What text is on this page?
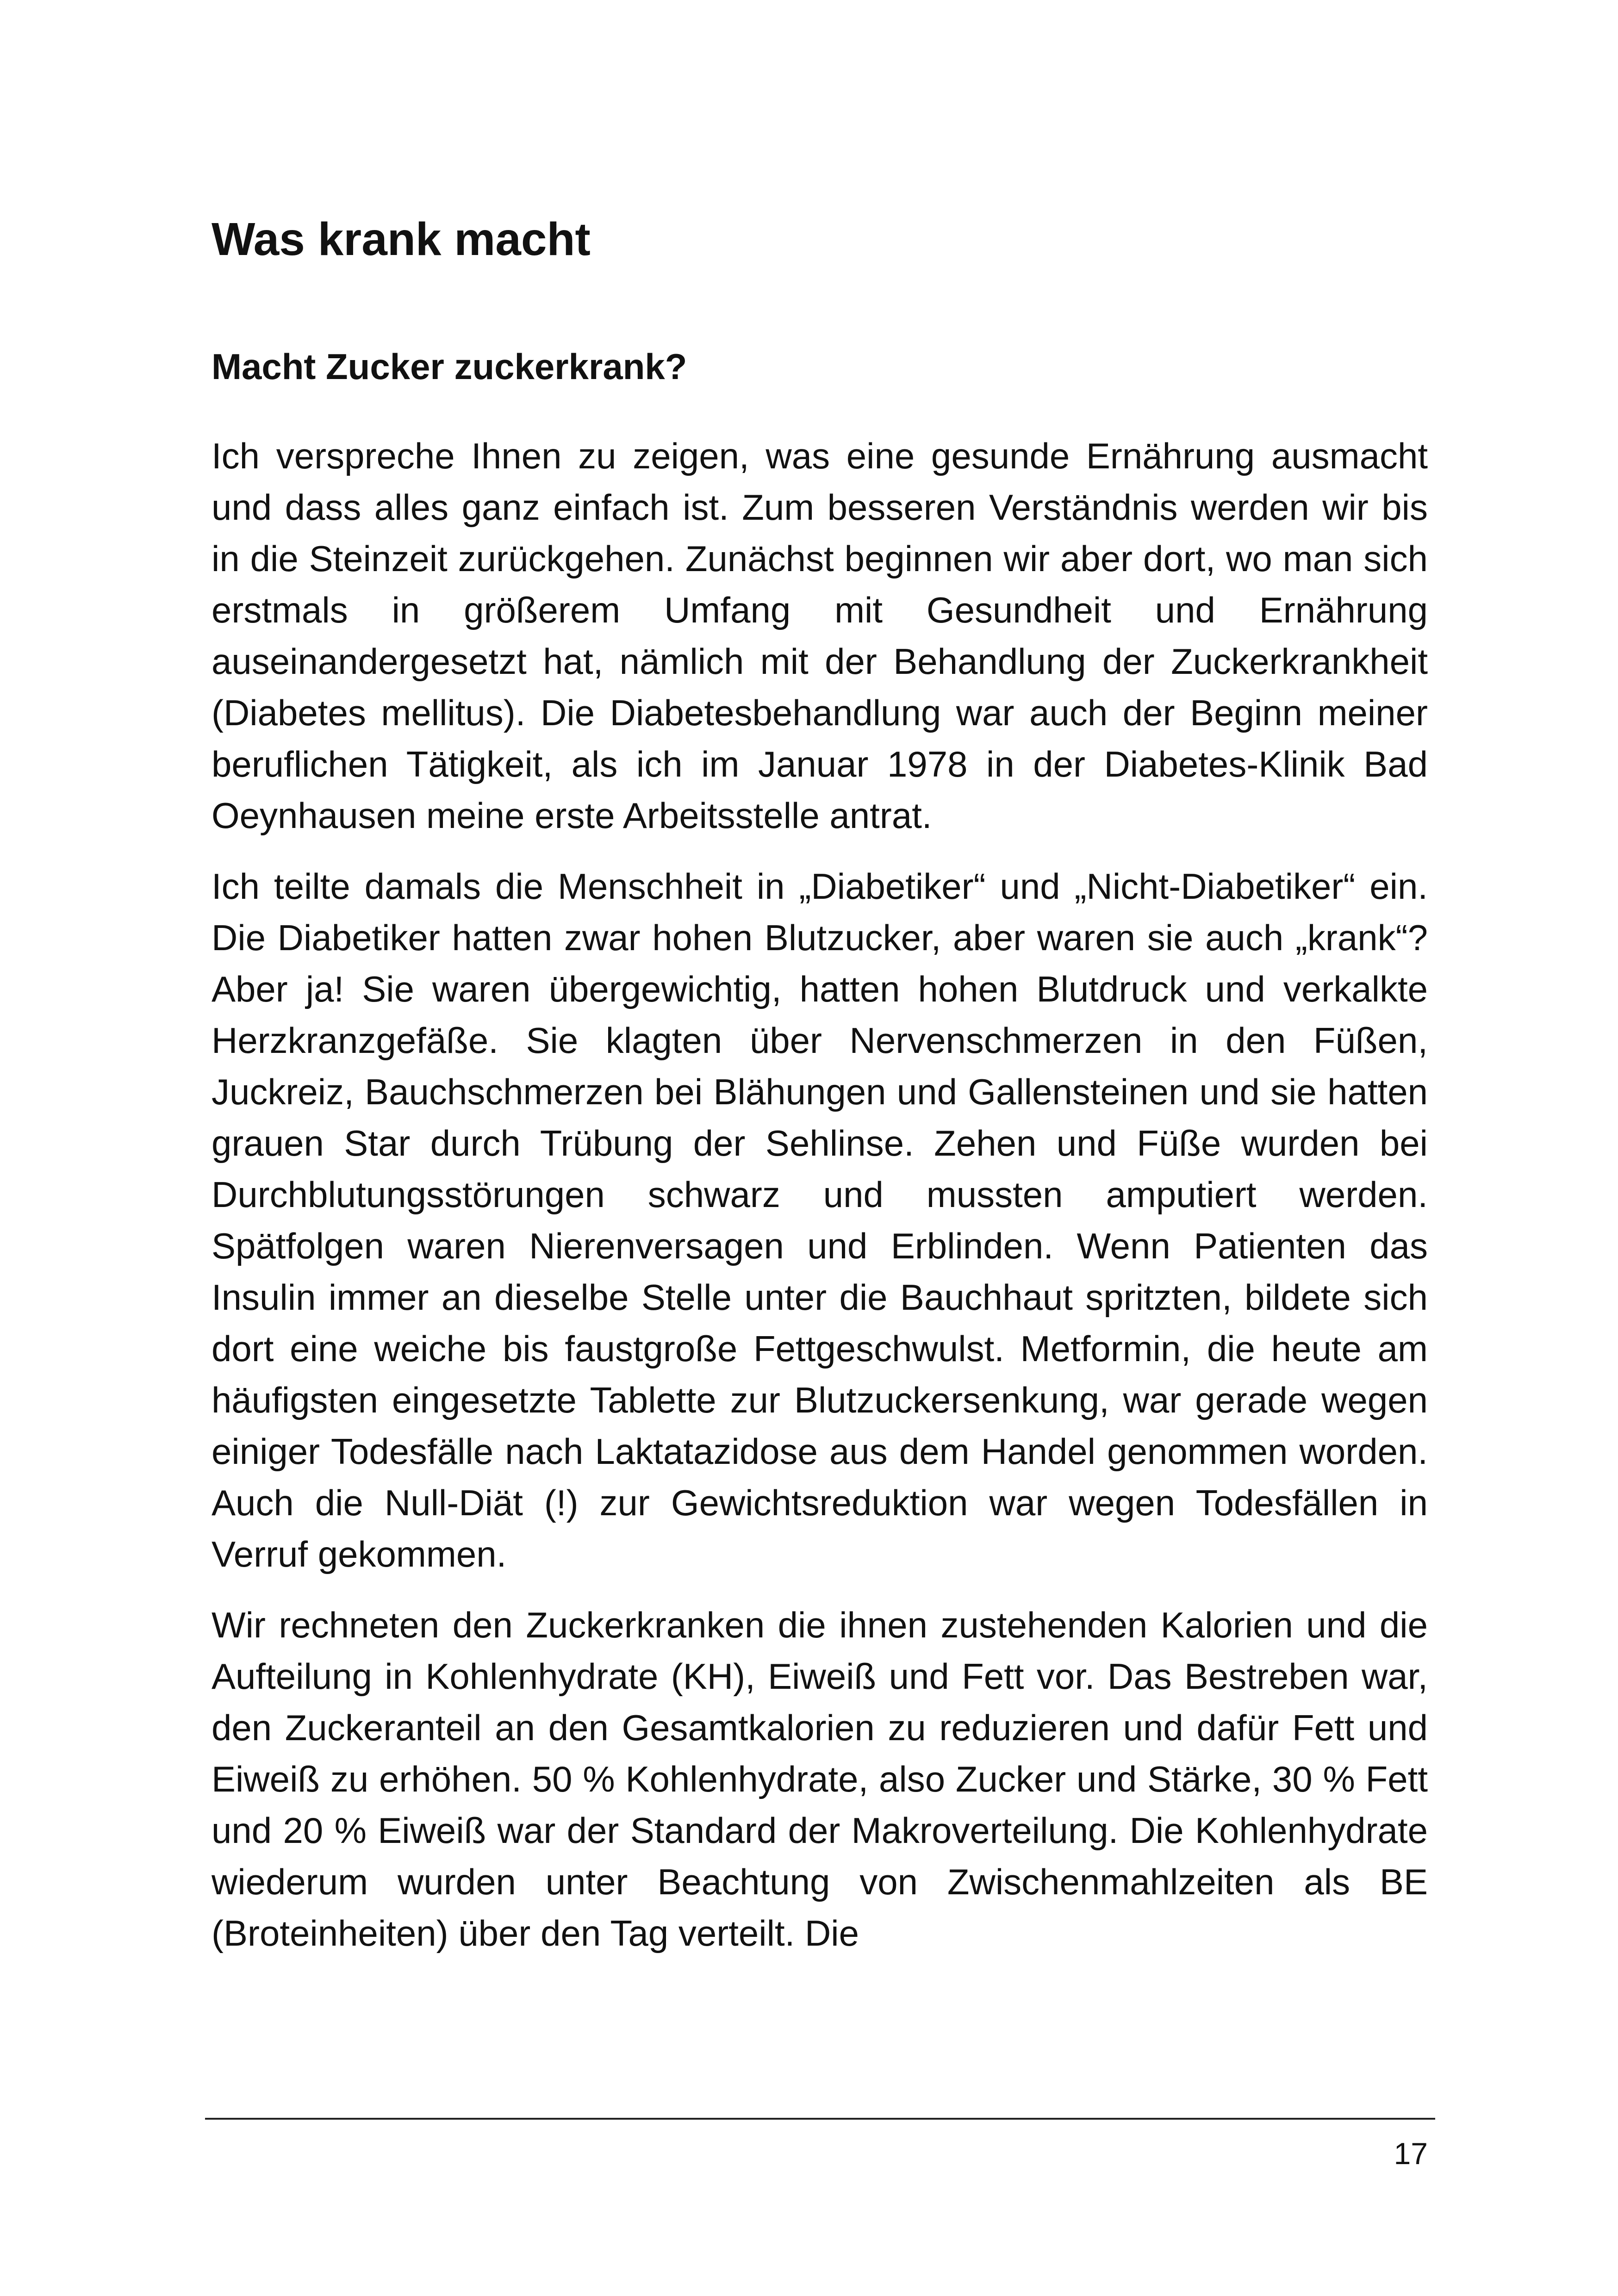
Was krank macht
Macht Zucker zuckerkrank?

Ich verspreche Ihnen zu zeigen, was eine gesunde Ernährung ausmacht und dass alles ganz einfach ist. Zum besseren Verständnis werden wir bis in die Steinzeit zurückgehen. Zunächst beginnen wir aber dort, wo man sich erstmals in größerem Umfang mit Gesundheit und Ernährung auseinandergesetzt hat, nämlich mit der Behandlung der Zuckerkrankheit (Diabetes mellitus). Die Diabetesbehandlung war auch der Beginn meiner beruflichen Tätigkeit, als ich im Januar 1978 in der Diabetes-Klinik Bad Oeynhausen meine erste Arbeitsstelle antrat.

Ich teilte damals die Menschheit in „Diabetiker“ und „Nicht-Diabetiker“ ein. Die Diabetiker hatten zwar hohen Blutzucker, aber waren sie auch „krank“? Aber ja! Sie waren übergewichtig, hatten hohen Blutdruck und verkalkte Herzkranzgefäße. Sie klagten über Nervenschmerzen in den Füßen, Juckreiz, Bauchschmerzen bei Blähungen und Gallensteinen und sie hatten grauen Star durch Trübung der Sehlinse. Zehen und Füße wurden bei Durchblutungsstörungen schwarz und mussten amputiert werden. Spätfolgen waren Nierenversagen und Erblinden. Wenn Patienten das Insulin immer an dieselbe Stelle unter die Bauchhaut spritzten, bildete sich dort eine weiche bis faustgroße Fettgeschwulst. Metformin, die heute am häufigsten eingesetzte Tablette zur Blutzuckersenkung, war gerade wegen einiger Todesfälle nach Laktatazidose aus dem Handel genommen worden. Auch die Null-Diät (!) zur Gewichtsreduktion war wegen Todesfällen in Verruf gekommen.

Wir rechneten den Zuckerkranken die ihnen zustehenden Kalorien und die Aufteilung in Kohlenhydrate (KH), Eiweiß und Fett vor. Das Bestreben war, den Zuckeranteil an den Gesamtkalorien zu reduzieren und dafür Fett und Eiweiß zu erhöhen. 50 % Kohlenhydrate, also Zucker und Stärke, 30 % Fett und 20 % Eiweiß war der Standard der Makroverteilung. Die Kohlenhydrate wiederum wurden unter Beachtung von Zwischenmahlzeiten als BE (Broteinheiten) über den Tag verteilt. Die

17
